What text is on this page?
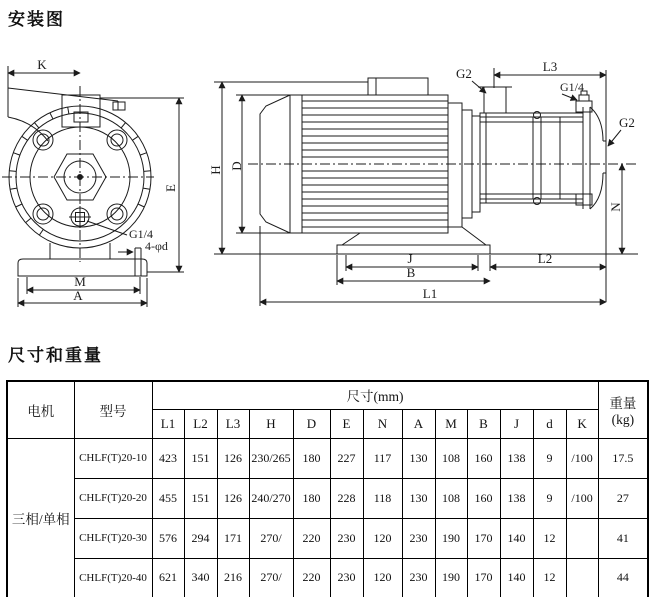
安装图
K
E
M
A
G1/4
4-φd
H D
N
L3
G2
G1/4
G2
J	L2
B
L1
尺寸和重量
电机	型号	尺寸(mm)													重量
(kg)

		L1	L2	L3	H	D	E	N	A	M	B	J	d	K	
三相/单相	CHLF(T)20-10	423	151	126	230/265	180	227	117	130	108	160	138	9	/100	17.5
	CHLF(T)20-20	455	151	126	240/270	180	228	118	130	108	160	138	9	/100	27
	CHLF(T)20-30	576	294	171	270/	220	230	120	230	190	170	140	12		41
	CHLF(T)20-40	621	340	216	270/	220	230	120	230	190	170	140	12		44
